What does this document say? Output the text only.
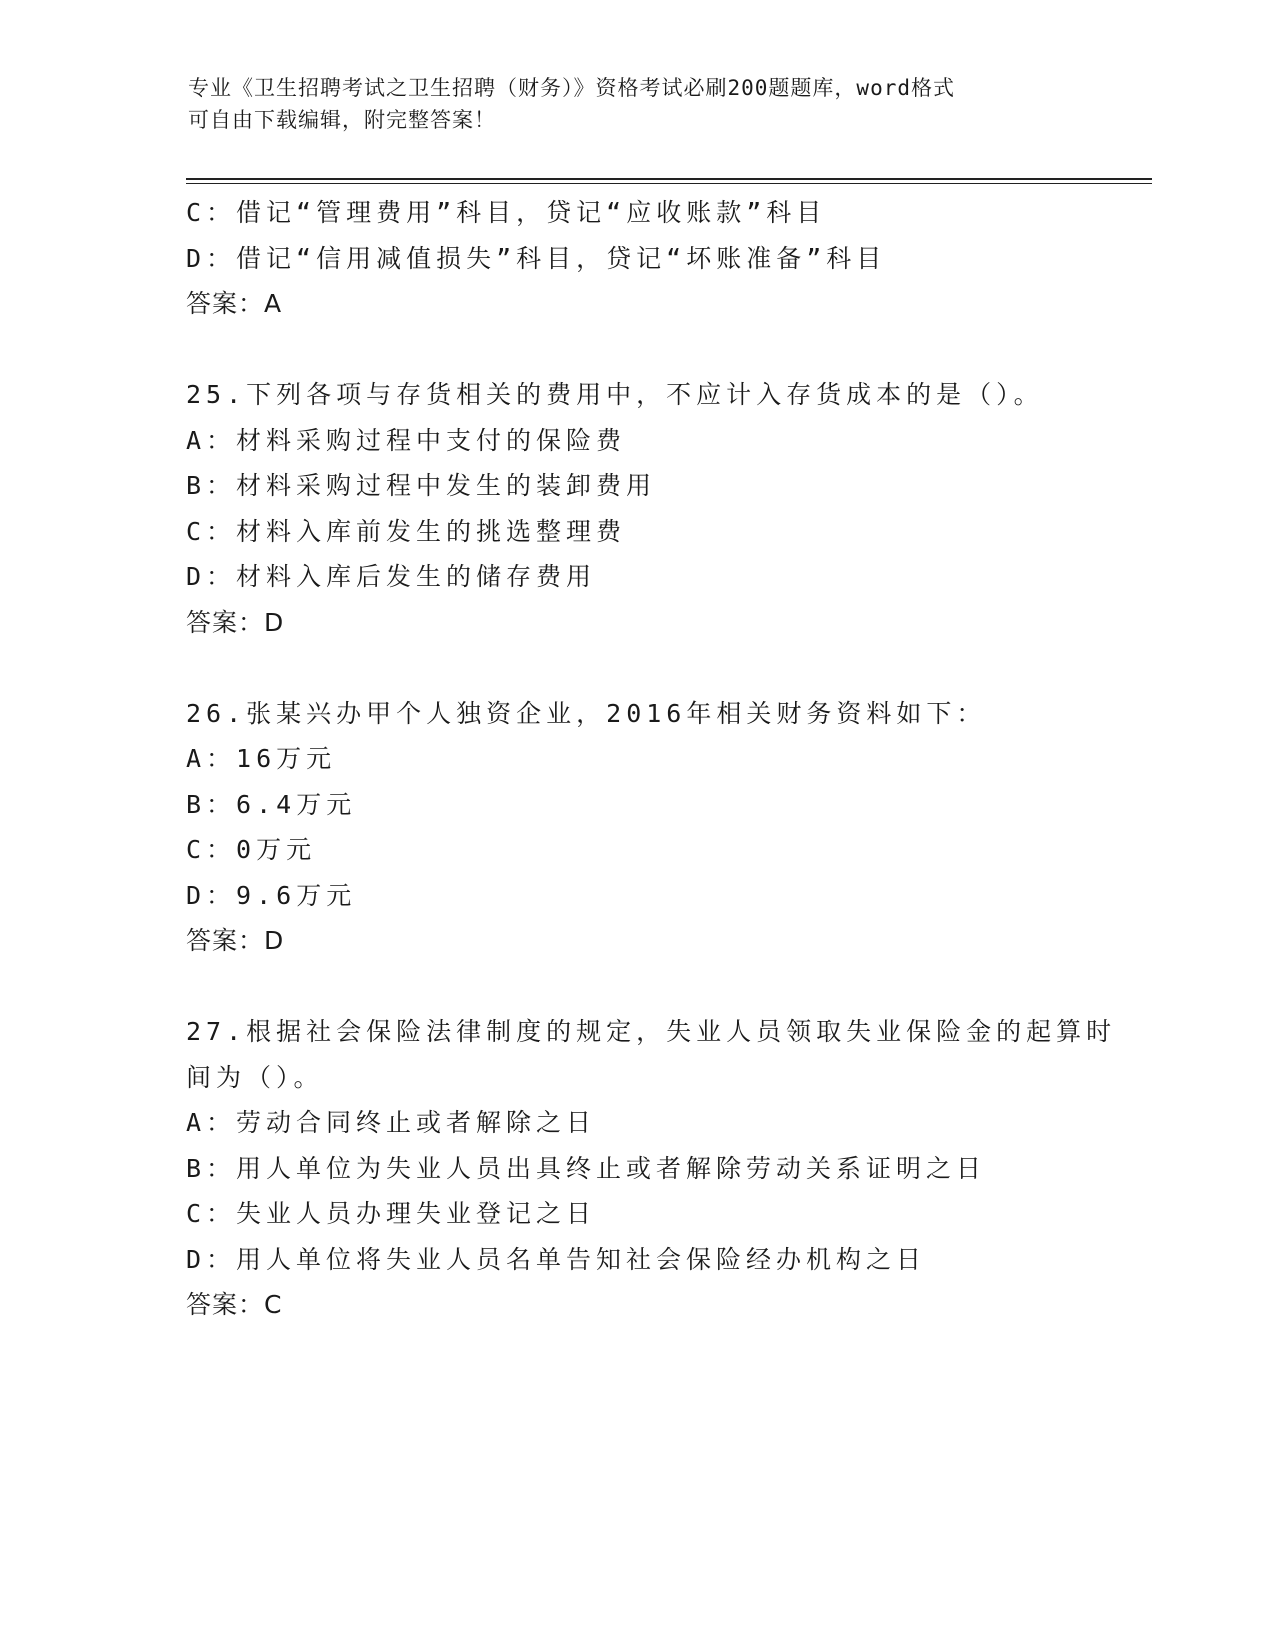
专业《卫生招聘考试之卫生招聘（财务）》资格考试必刷200题题库，word格式
可自由下载编辑，附完整答案！
C：借记“管理费用”科目，贷记“应收账款”科目
D：借记“信用减值损失”科目，贷记“坏账准备”科目
答案：A
25.下列各项与存货相关的费用中，不应计入存货成本的是（）。
A：材料采购过程中支付的保险费
B：材料采购过程中发生的装卸费用
C：材料入库前发生的挑选整理费
D：材料入库后发生的储存费用
答案：D
26.张某兴办甲个人独资企业，2016年相关财务资料如下：
A：16万元
B：6.4万元
C：0万元
D：9.6万元
答案：D
27.根据社会保险法律制度的规定，失业人员领取失业保险金的起算时
间为（）。
A：劳动合同终止或者解除之日
B：用人单位为失业人员出具终止或者解除劳动关系证明之日
C：失业人员办理失业登记之日
D：用人单位将失业人员名单告知社会保险经办机构之日
答案：C
